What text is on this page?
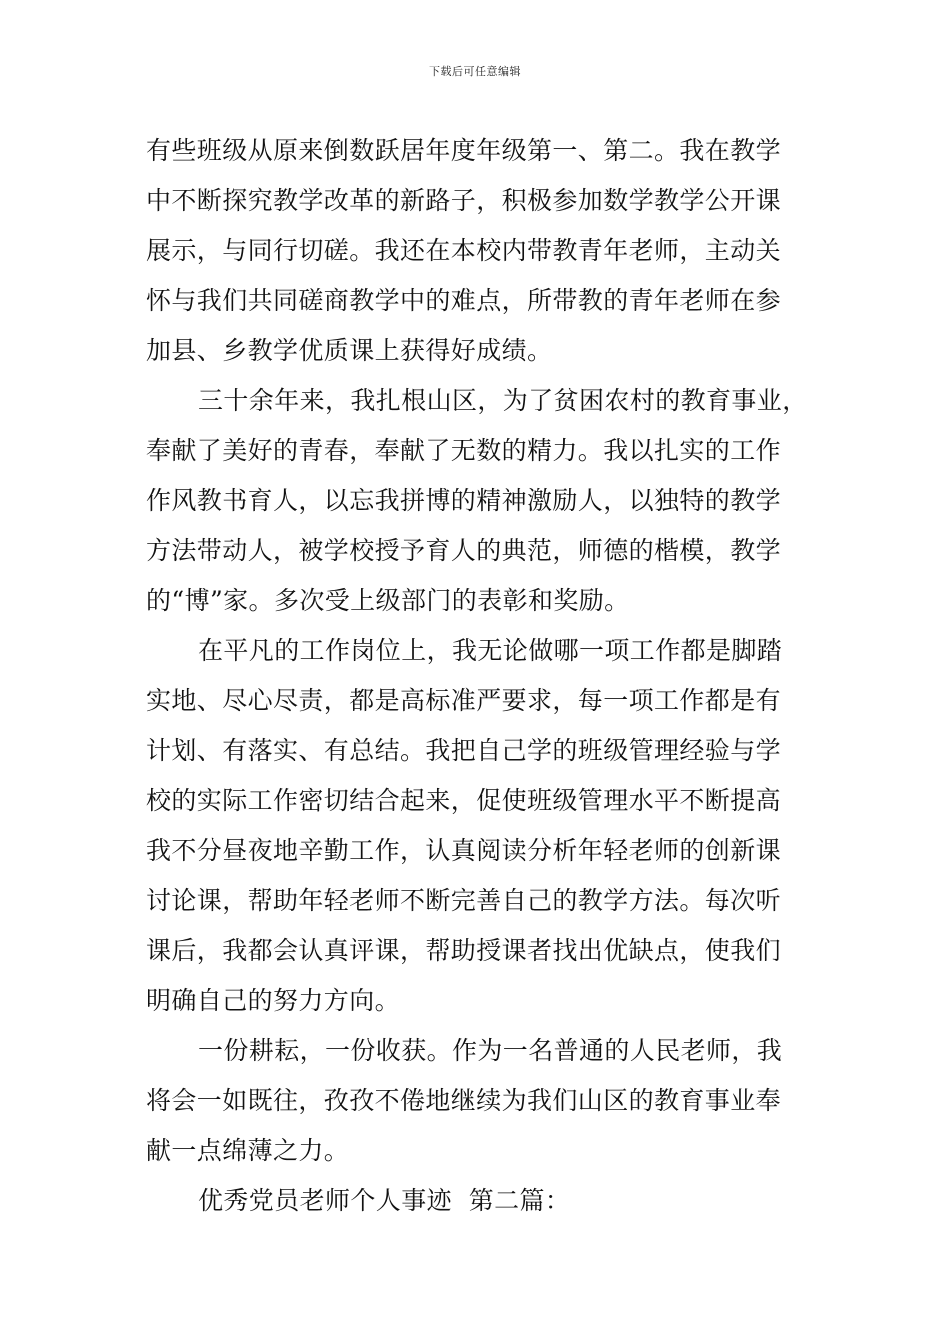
下载后可任意编辑
有些班级从原来倒数跃居年度年级第一、第二。我在教学
中不断探究教学改革的新路子，积极参加数学教学公开课
展示，与同行切磋。我还在本校内带教青年老师，主动关
怀与我们共同磋商教学中的难点，所带教的青年老师在参
加县、乡教学优质课上获得好成绩。
三十余年来，我扎根山区，为了贫困农村的教育事业，
奉献了美好的青春，奉献了无数的精力。我以扎实的工作
作风教书育人，以忘我拼博的精神激励人，以独特的教学
方法带动人，被学校授予育人的典范，师德的楷模，教学
的“博”家。多次受上级部门的表彰和奖励。
在平凡的工作岗位上，我无论做哪一项工作都是脚踏
实地、尽心尽责，都是高标准严要求，每一项工作都是有
计划、有落实、有总结。我把自己学的班级管理经验与学
校的实际工作密切结合起来，促使班级管理水平不断提高
我不分昼夜地辛勤工作，认真阅读分析年轻老师的创新课
讨论课，帮助年轻老师不断完善自己的教学方法。每次听
课后，我都会认真评课，帮助授课者找出优缺点，使我们
明确自己的努力方向。
一份耕耘，一份收获。作为一名普通的人民老师，我
将会一如既往，孜孜不倦地继续为我们山区的教育事业奉
献一点绵薄之力。
优秀党员老师个人事迹  第二篇：
